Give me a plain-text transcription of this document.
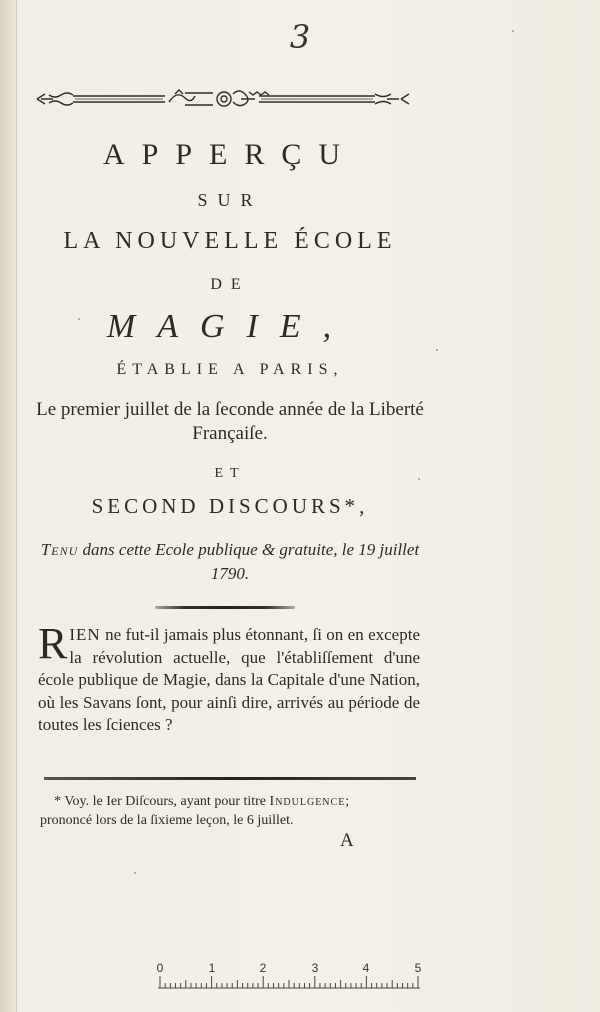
3
APPERÇU
SUR
LA NOUVELLE ÉCOLE
DE
MAGIE,
ÉTABLIE A PARIS,
Le premier juillet de la ſeconde année de la Liberté Françaiſe.
ET
SECOND DISCOURS*,
Tenu dans cette Ecole publique & gratuite, le 19 juillet 1790.
RIEN ne fut-il jamais plus étonnant, ſi on en excepte la révolution actuelle, que l'établiſſement d'une école publique de Magie, dans la Capitale d'une Nation, où les Savans ſont, pour ainſi dire, arrivés au période de toutes les ſciences ?
* Voy. le Ier Diſcours, ayant pour titre Indulgence;
prononcé lors de la ſixieme leçon, le 6 juillet.
A
0	1	2	3	4	5
